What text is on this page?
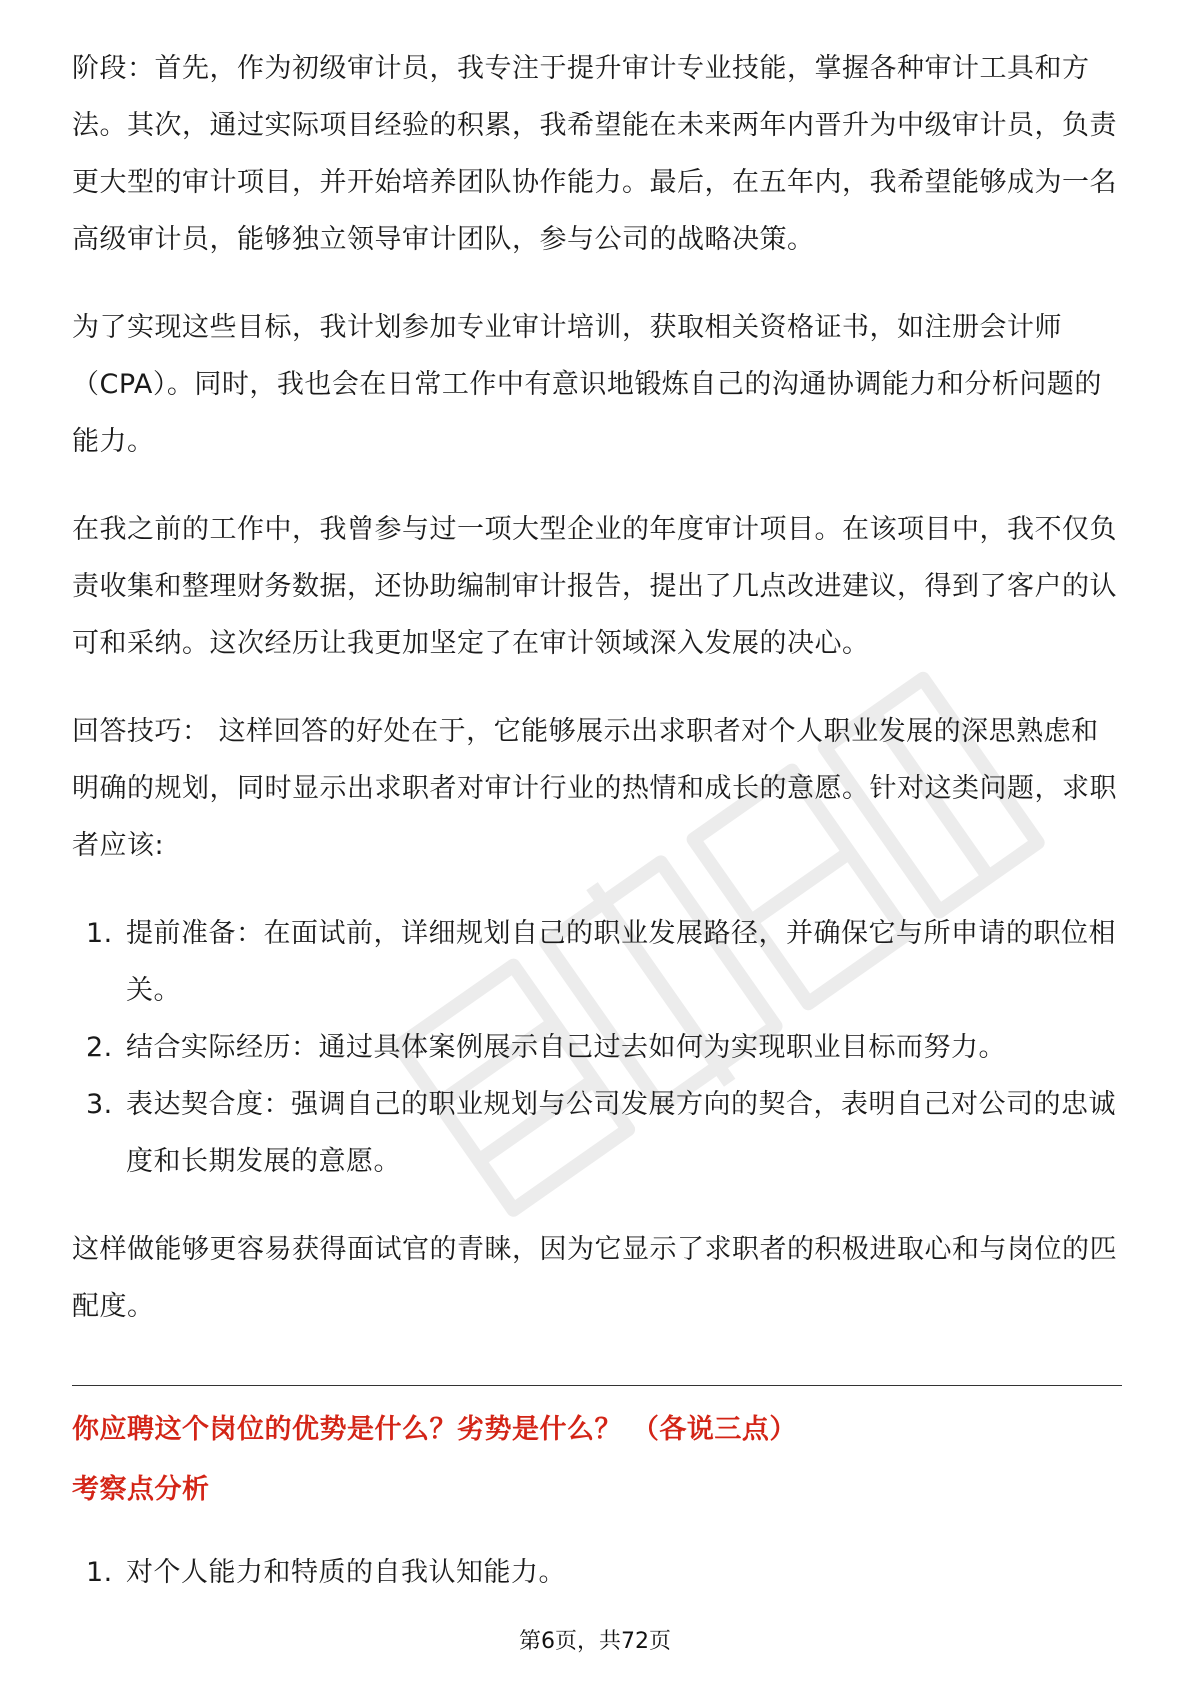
阶段：首先，作为初级审计员，我专注于提升审计专业技能，掌握各种审计工具和方法。其次，通过实际项目经验的积累，我希望能在未来两年内晋升为中级审计员，负责更大型的审计项目，并开始培养团队协作能力。最后，在五年内，我希望能够成为一名高级审计员，能够独立领导审计团队，参与公司的战略决策。

为了实现这些目标，我计划参加专业审计培训，获取相关资格证书，如注册会计师（CPA）。同时，我也会在日常工作中有意识地锻炼自己的沟通协调能力和分析问题的能力。

在我之前的工作中，我曾参与过一项大型企业的年度审计项目。在该项目中，我不仅负责收集和整理财务数据，还协助编制审计报告，提出了几点改进建议，得到了客户的认可和采纳。这次经历让我更加坚定了在审计领域深入发展的决心。

回答技巧： 这样回答的好处在于，它能够展示出求职者对个人职业发展的深思熟虑和明确的规划，同时显示出求职者对审计行业的热情和成长的意愿。针对这类问题，求职者应该:

1. 提前准备：在面试前，详细规划自己的职业发展路径，并确保它与所申请的职位相关。
2. 结合实际经历：通过具体案例展示自己过去如何为实现职业目标而努力。
3. 表达契合度：强调自己的职业规划与公司发展方向的契合，表明自己对公司的忠诚度和长期发展的意愿。

这样做能够更容易获得面试官的青睐，因为它显示了求职者的积极进取心和与岗位的匹配度。

你应聘这个岗位的优势是什么？劣势是什么？ （各说三点）

考察点分析

1. 对个人能力和特质的自我认知能力。
第6页，共72页
